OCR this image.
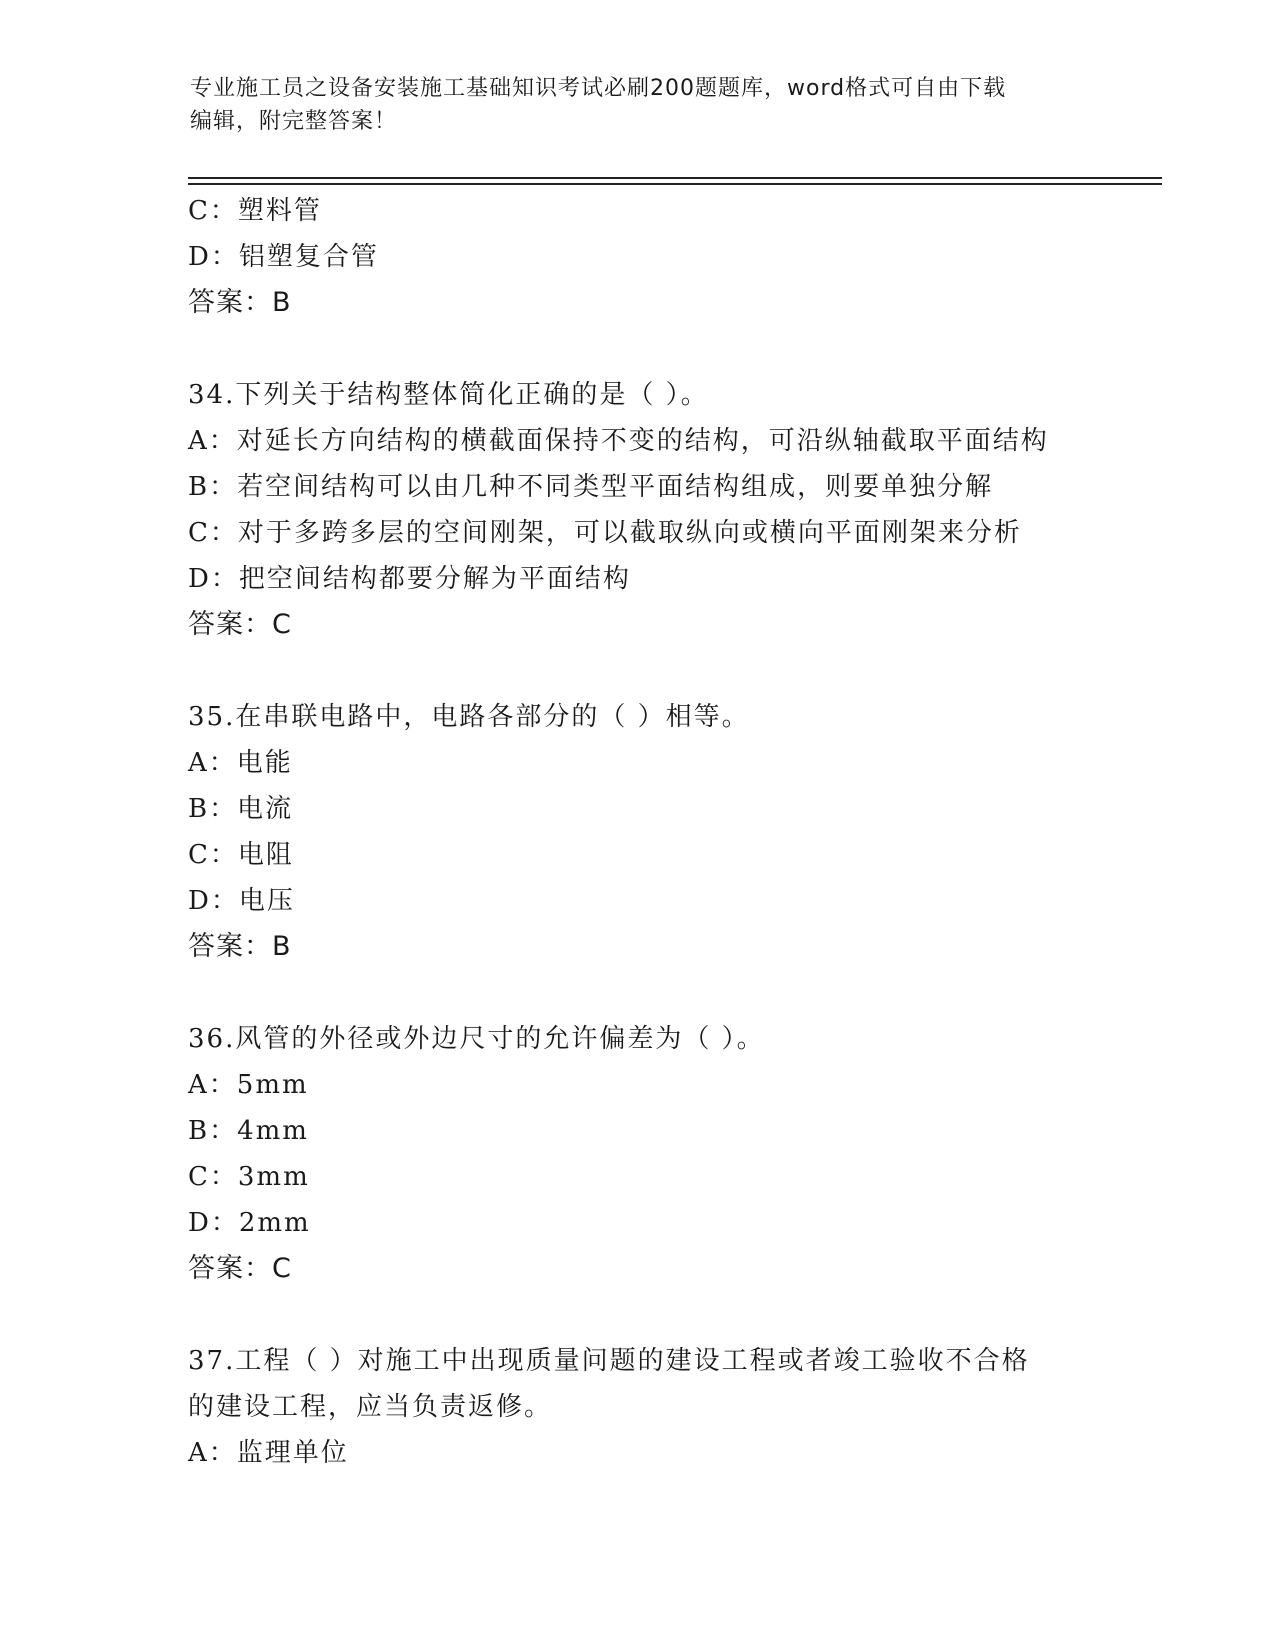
专业施工员之设备安装施工基础知识考试必刷200题题库，word格式可自由下载
编辑，附完整答案！
C：塑料管
D：铝塑复合管
答案：B
34.下列关于结构整体简化正确的是（ ）。
A：对延长方向结构的横截面保持不变的结构，可沿纵轴截取平面结构
B：若空间结构可以由几种不同类型平面结构组成，则要单独分解
C：对于多跨多层的空间刚架，可以截取纵向或横向平面刚架来分析
D：把空间结构都要分解为平面结构
答案：C
35.在串联电路中，电路各部分的（ ）相等。
A：电能
B：电流
C：电阻
D：电压
答案：B
36.风管的外径或外边尺寸的允许偏差为（ ）。
A：5mm
B：4mm
C：3mm
D：2mm
答案：C
37.工程（ ）对施工中出现质量问题的建设工程或者竣工验收不合格
的建设工程，应当负责返修。
A：监理单位
